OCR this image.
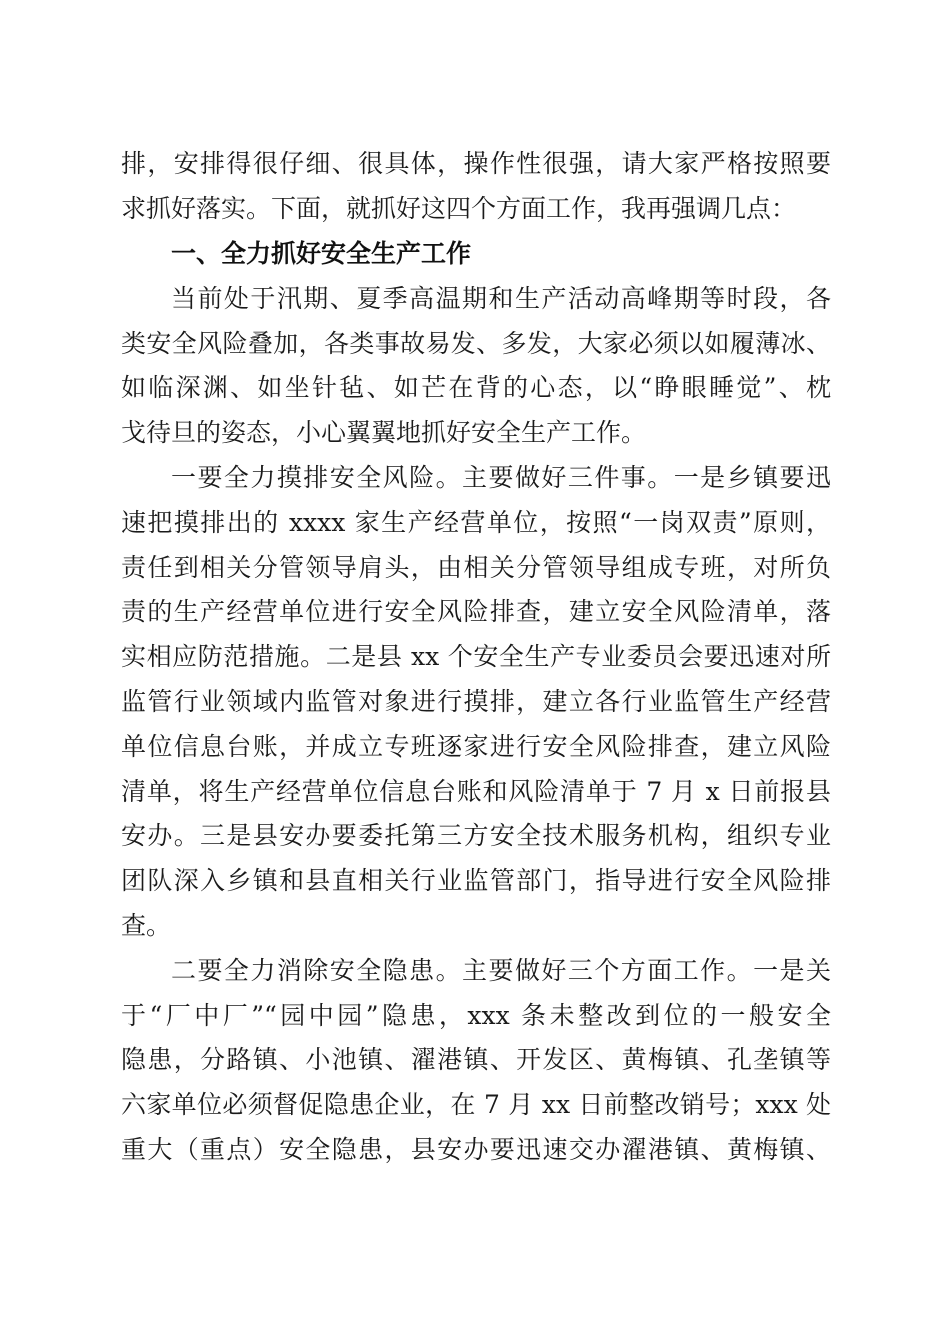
排，安排得很仔细、很具体，操作性很强，请大家严格按照要
求抓好落实。下面，就抓好这四个方面工作，我再强调几点：
一、全力抓好安全生产工作
当前处于汛期、夏季高温期和生产活动高峰期等时段，各
类安全风险叠加，各类事故易发、多发，大家必须以如履薄冰、
如临深渊、如坐针毡、如芒在背的心态，以“睁眼睡觉”、枕
戈待旦的姿态，小心翼翼地抓好安全生产工作。
一要全力摸排安全风险。主要做好三件事。一是乡镇要迅
速把摸排出的 xxxx 家生产经营单位，按照“一岗双责”原则，
责任到相关分管领导肩头，由相关分管领导组成专班，对所负
责的生产经营单位进行安全风险排查，建立安全风险清单，落
实相应防范措施。二是县 xx 个安全生产专业委员会要迅速对所
监管行业领域内监管对象进行摸排，建立各行业监管生产经营
单位信息台账，并成立专班逐家进行安全风险排查，建立风险
清单，将生产经营单位信息台账和风险清单于 7 月 x 日前报县
安办。三是县安办要委托第三方安全技术服务机构，组织专业
团队深入乡镇和县直相关行业监管部门，指导进行安全风险排
查。
二要全力消除安全隐患。主要做好三个方面工作。一是关
于“厂中厂”“园中园”隐患，xxx 条未整改到位的一般安全
隐患，分路镇、小池镇、濯港镇、开发区、黄梅镇、孔垄镇等
六家单位必须督促隐患企业，在 7 月 xx 日前整改销号；xxx 处
重大（重点）安全隐患，县安办要迅速交办濯港镇、黄梅镇、
